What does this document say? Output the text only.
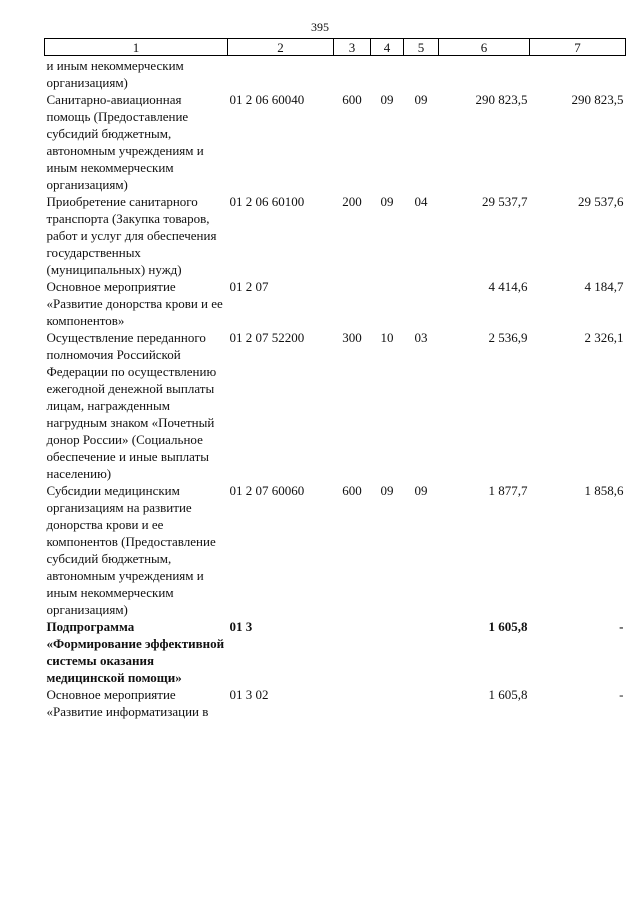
395
1	2	3	4	5	6	7
и иным некоммерческим организациям)						
Санитарно-авиационная помощь (Предоставление субсидий бюджетным, автономным учреждениям и иным некоммерческим организациям)	01 2 06 60040	600	09	09	290 823,5	290 823,5
Приобретение санитарного транспорта (Закупка товаров, работ и услуг для обеспечения государственных (муниципальных) нужд)	01 2 06 60100	200	09	04	29 537,7	29 537,6
Основное мероприятие «Развитие донорства крови и ее компонентов»	01 2 07				4 414,6	4 184,7
Осуществление переданного полномочия Российской Федерации по осуществлению ежегодной денежной выплаты лицам, награжденным нагрудным знаком «Почетный донор России» (Социальное обеспечение и иные выплаты населению)	01 2 07 52200	300	10	03	2 536,9	2 326,1
Субсидии медицинским организациям на развитие донорства крови и ее компонентов (Предоставление субсидий бюджетным, автономным учреждениям и иным некоммерческим организациям)	01 2 07 60060	600	09	09	1 877,7	1 858,6
Подпрограмма «Формирование эффективной системы оказания медицинской помощи»	01 3				1 605,8	-
Основное мероприятие «Развитие информатизации в	01 3 02				1 605,8	-
